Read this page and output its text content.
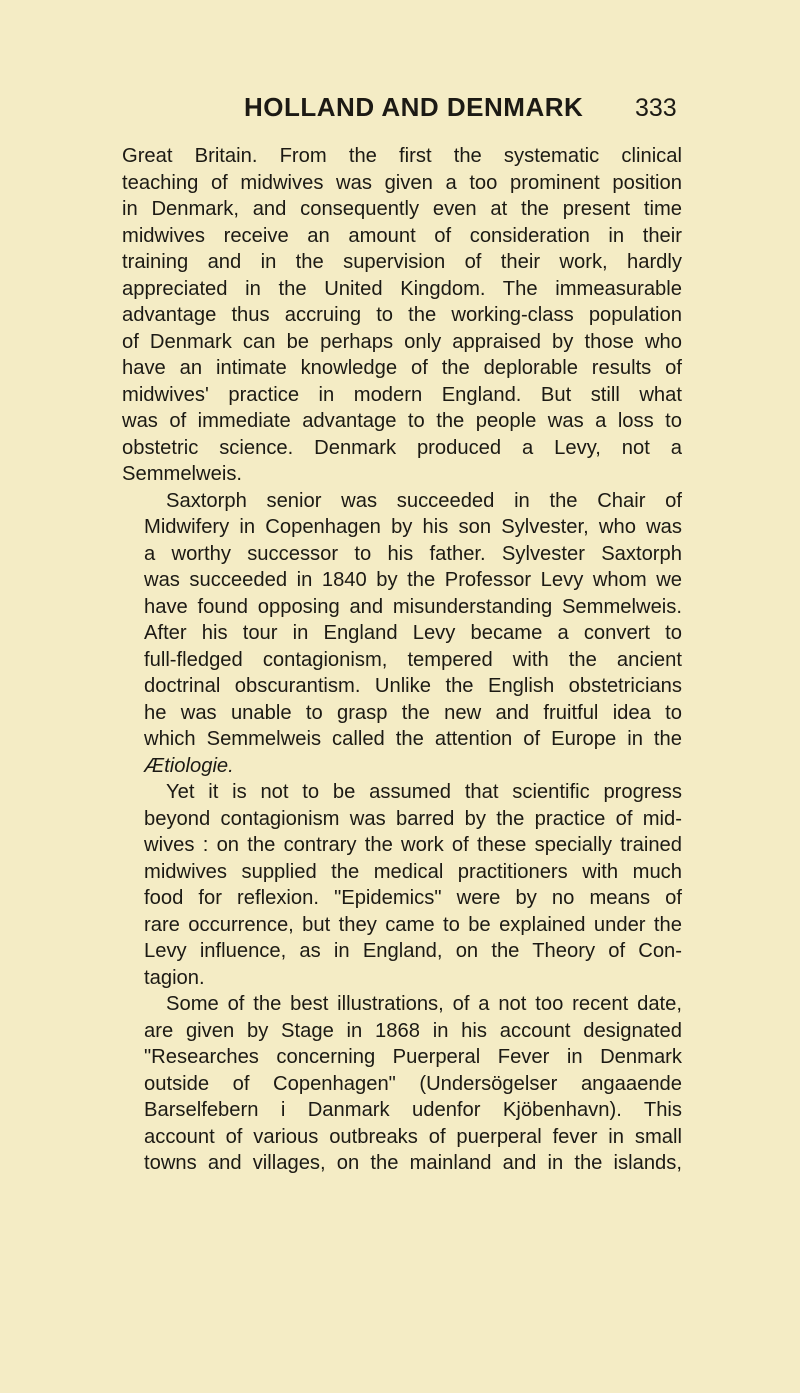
HOLLAND AND DENMARK 333

Great Britain. From the first the systematic clinical
teaching of midwives was given a too prominent position
in Denmark, and consequently even at the present time
midwives receive an amount of consideration in their
training and in the supervision of their work, hardly
appreciated in the United Kingdom. The immeasurable
advantage thus accruing to the working-class population
of Denmark can be perhaps only appraised by those who
have an intimate knowledge of the deplorable results of
midwives' practice in modern England. But still what
was of immediate advantage to the people was a loss to
obstetric science. Denmark produced a Levy, not a
Semmelweis.

Saxtorph senior was succeeded in the Chair of
Midwifery in Copenhagen by his son Sylvester, who was
a worthy successor to his father. Sylvester Saxtorph
was succeeded in 1840 by the Professor Levy whom we
have found opposing and misunderstanding Semmelweis.
After his tour in England Levy became a convert to
full-fledged contagionism, tempered with the ancient
doctrinal obscurantism. Unlike the English obstetricians
he was unable to grasp the new and fruitful idea to
which Semmelweis called the attention of Europe in the
Ætiologie.

Yet it is not to be assumed that scientific progress
beyond contagionism was barred by the practice of mid-
wives : on the contrary the work of these specially trained
midwives supplied the medical practitioners with much
food for reflexion. "Epidemics" were by no means of
rare occurrence, but they came to be explained under the
Levy influence, as in England, on the Theory of Con-
tagion.

Some of the best illustrations, of a not too recent date,
are given by Stage in 1868 in his account designated
"Researches concerning Puerperal Fever in Denmark
outside of Copenhagen" (Undersögelser angaaende
Barselfebern i Danmark udenfor Kjöbenhavn). This
account of various outbreaks of puerperal fever in small
towns and villages, on the mainland and in the islands,
